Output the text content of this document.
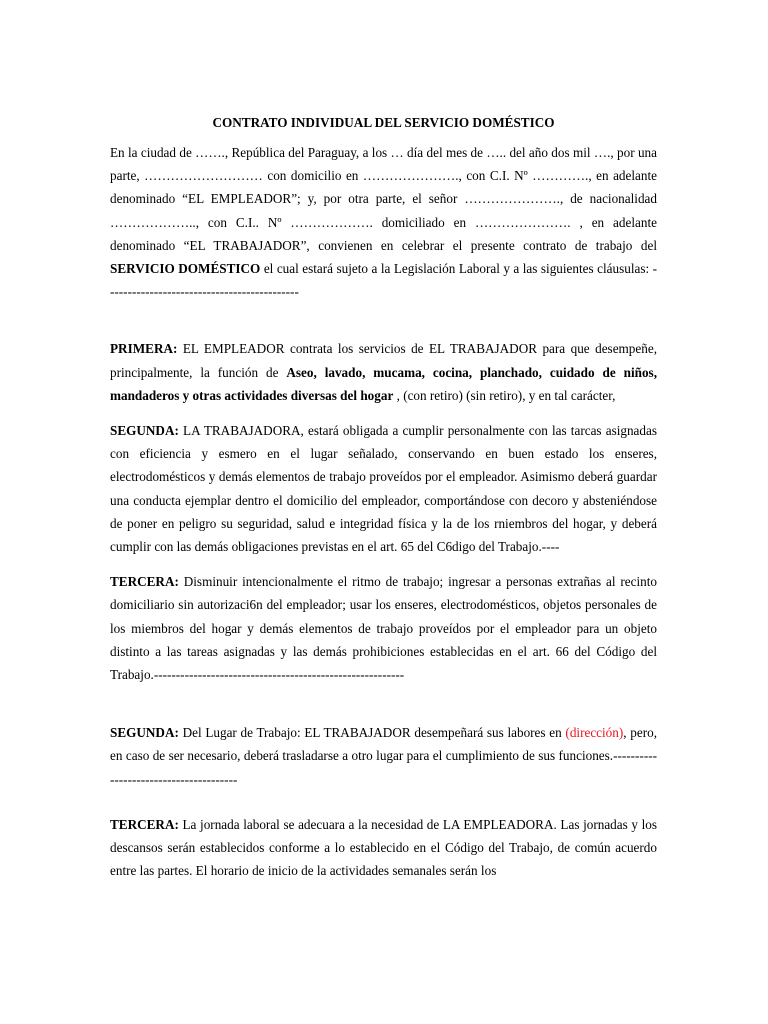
CONTRATO INDIVIDUAL DEL SERVICIO DOMÉSTICO

En la ciudad de ……., República del Paraguay, a los … día del mes de ….. del año dos mil …., por una parte, ……………………… con domicilio en …………………., con C.I. Nº …………., en adelante denominado “EL EMPLEADOR”; y, por otra parte, el señor …………………., de nacionalidad ……………….., con C.I.. Nº ………………. domiciliado en …………………. , en adelante denominado “EL TRABAJADOR”, convienen en celebrar el presente contrato de trabajo del SERVICIO DOMÉSTICO el cual estará sujeto a la Legislación Laboral y a las siguientes cláusulas: --------------------------------------------

PRIMERA: EL EMPLEADOR contrata los servicios de EL TRABAJADOR para que desempeñe, principalmente, la función de Aseo, lavado, mucama, cocina, planchado, cuidado de niños, mandaderos y otras actividades diversas del hogar , (con retiro) (sin retiro), y en tal carácter,

SEGUNDA: LA TRABAJADORA, estará obligada a cumplir personalmente con las tarcas asignadas con eficiencia y esmero en el lugar señalado, conservando en buen estado los enseres, electrodomésticos y demás elementos de trabajo proveídos por el empleador. Asimismo deberá guardar una conducta ejemplar dentro el domicilio del empleador, comportándose con decoro y absteniéndose de poner en peligro su seguridad, salud e integridad física y la de los rniembros del hogar, y deberá cumplir con las demás obligaciones previstas en el art. 65 del C6digo del Trabajo.----

TERCERA: Disminuir intencionalmente el ritmo de trabajo; ingresar a personas extrañas al recinto domiciliario sin autorizaci6n del empleador; usar los enseres, electrodomésticos, objetos personales de los miembros del hogar y demás elementos de trabajo proveídos por el empleador para un objeto distinto a las tareas asignadas y las demás prohibiciones establecidas en el art. 66 del Código del Trabajo.---------------------------------------------------------

SEGUNDA: Del Lugar de Trabajo: EL TRABAJADOR desempeñará sus labores en (dirección), pero, en caso de ser necesario, deberá trasladarse a otro lugar para el cumplimiento de sus funciones.---------------------------------------

TERCERA: La jornada laboral se adecuara a la necesidad de LA EMPLEADORA. Las jornadas y los descansos serán establecidos conforme a lo establecido en el Código del Trabajo, de común acuerdo entre las partes. El horario de inicio de la actividades semanales serán los
